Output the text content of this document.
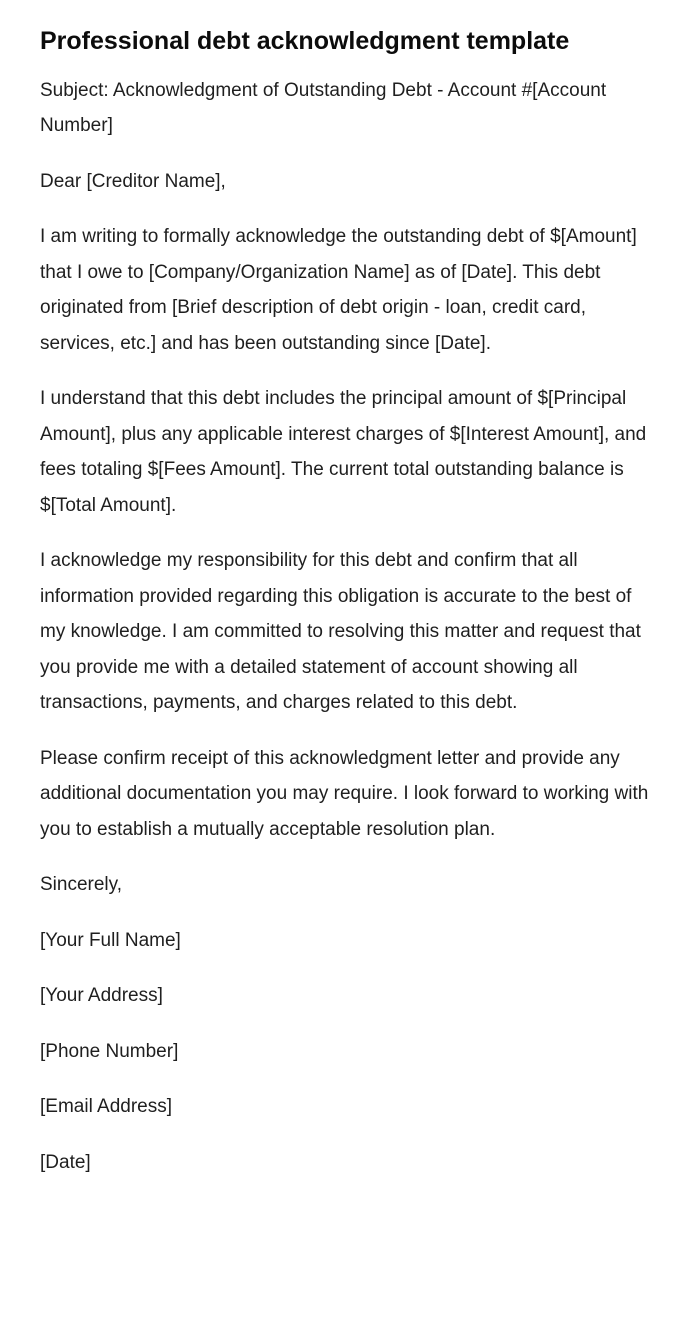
Professional debt acknowledgment template

Subject: Acknowledgment of Outstanding Debt - Account #[Account Number]

Dear [Creditor Name],

I am writing to formally acknowledge the outstanding debt of $[Amount] that I owe to [Company/Organization Name] as of [Date]. This debt originated from [Brief description of debt origin - loan, credit card, services, etc.] and has been outstanding since [Date].

I understand that this debt includes the principal amount of $[Principal Amount], plus any applicable interest charges of $[Interest Amount], and fees totaling $[Fees Amount]. The current total outstanding balance is $[Total Amount].

I acknowledge my responsibility for this debt and confirm that all information provided regarding this obligation is accurate to the best of my knowledge. I am committed to resolving this matter and request that you provide me with a detailed statement of account showing all transactions, payments, and charges related to this debt.

Please confirm receipt of this acknowledgment letter and provide any additional documentation you may require. I look forward to working with you to establish a mutually acceptable resolution plan.

Sincerely,

[Your Full Name]

[Your Address]

[Phone Number]

[Email Address]

[Date]
